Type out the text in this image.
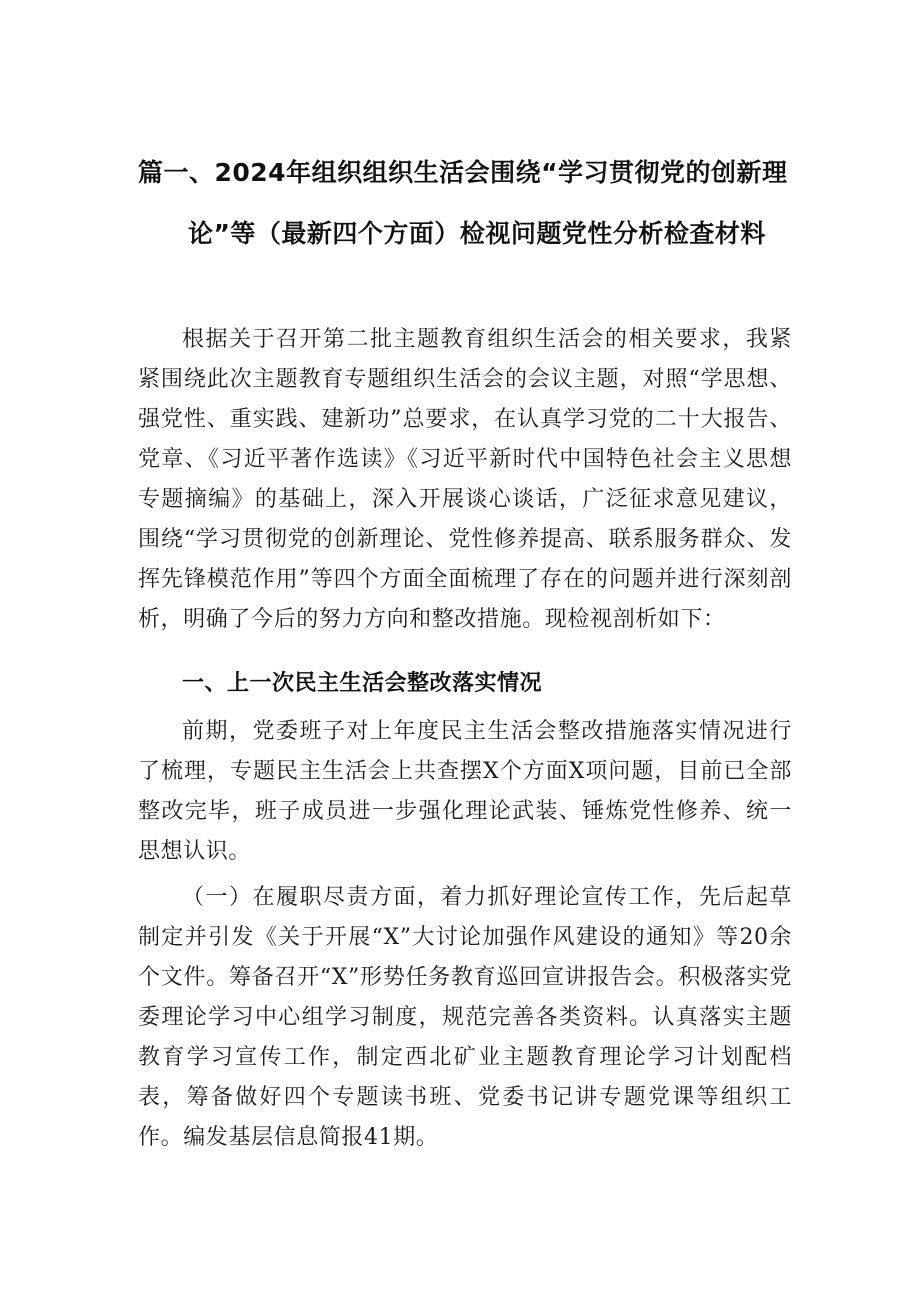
篇一、2024年组织组织生活会围绕“学习贯彻党的创新理
论”等（最新四个方面）检视问题党性分析检查材料

根据关于召开第二批主题教育组织生活会的相关要求，我紧紧围绕此次主题教育专题组织生活会的会议主题，对照“学思想、强党性、重实践、建新功”总要求，在认真学习党的二十大报告、党章、《习近平著作选读》《习近平新时代中国特色社会主义思想专题摘编》的基础上，深入开展谈心谈话，广泛征求意见建议，围绕“学习贯彻党的创新理论、党性修养提高、联系服务群众、发挥先锋模范作用”等四个方面全面梳理了存在的问题并进行深刻剖析，明确了今后的努力方向和整改措施。现检视剖析如下：

一、上一次民主生活会整改落实情况

前期，党委班子对上年度民主生活会整改措施落实情况进行了梳理，专题民主生活会上共查摆X个方面X项问题，目前已全部整改完毕，班子成员进一步强化理论武装、锤炼党性修养、统一思想认识。

（一）在履职尽责方面，着力抓好理论宣传工作，先后起草制定并引发《关于开展“X”大讨论加强作风建设的通知》等20余个文件。筹备召开“X”形势任务教育巡回宣讲报告会。积极落实党委理论学习中心组学习制度，规范完善各类资料。认真落实主题教育学习宣传工作，制定西北矿业主题教育理论学习计划配档表，筹备做好四个专题读书班、党委书记讲专题党课等组织工作。编发基层信息简报41期。
